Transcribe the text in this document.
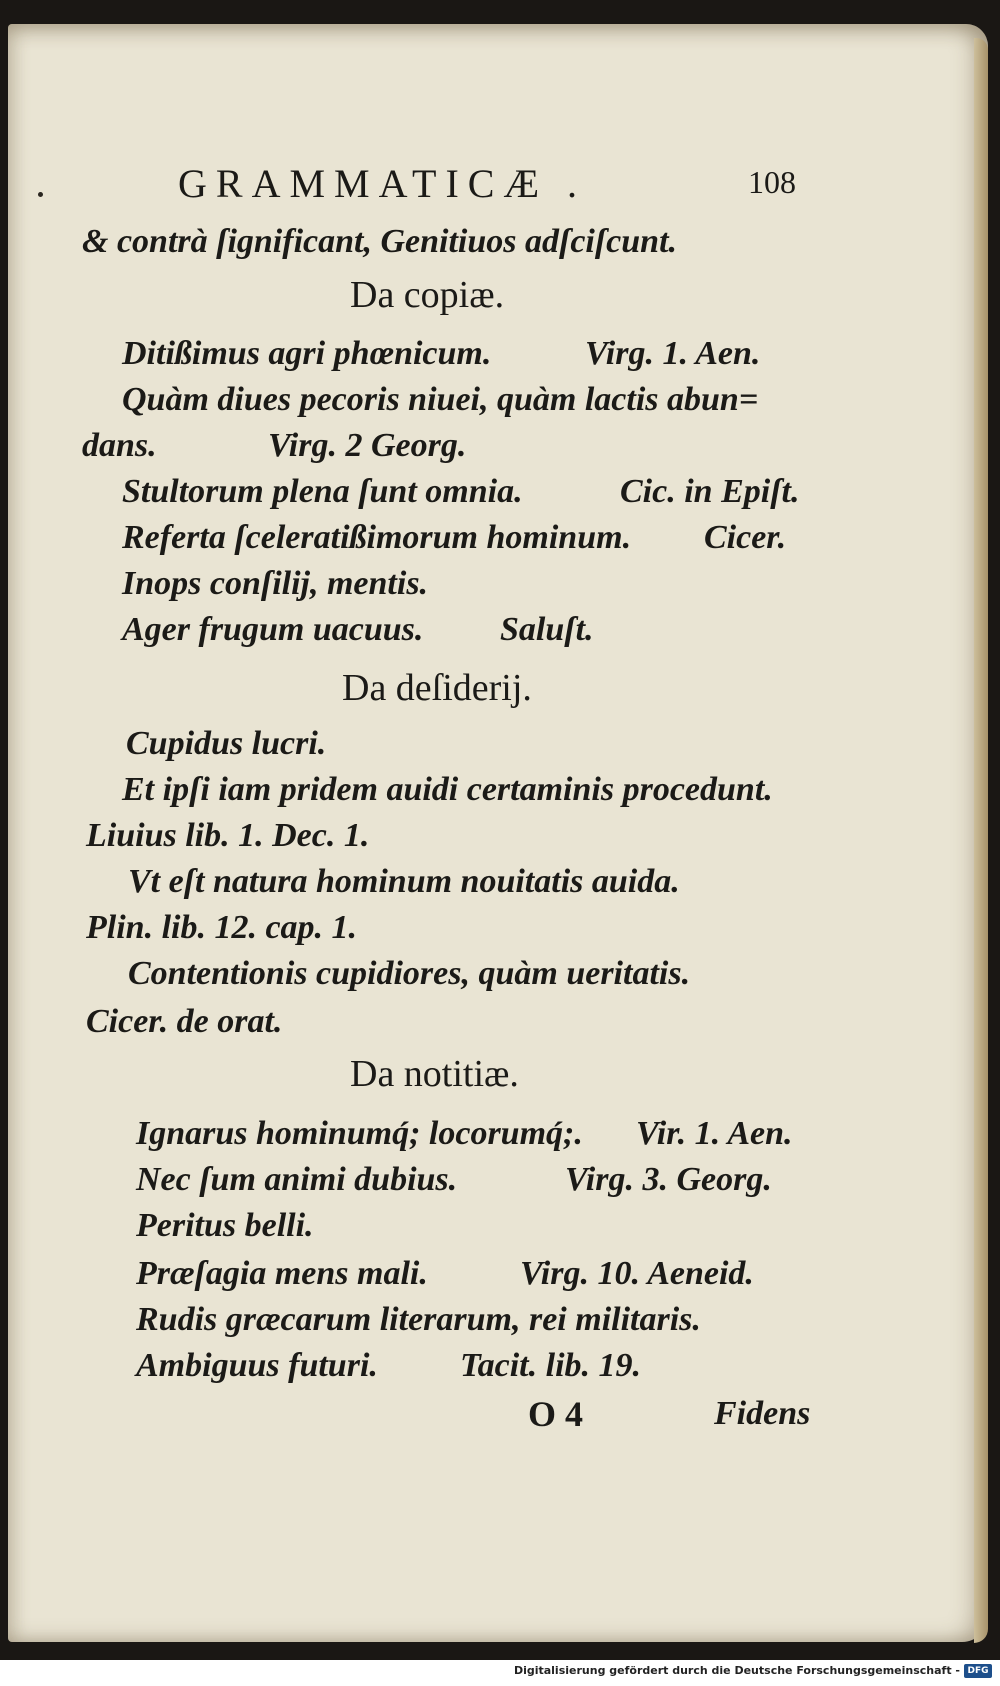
GRAMMATICÆ .	108
& contrà ſignificant, Genitiuos adſciſcunt.
Da copiæ.
Ditißimus agri phœnicum.	Virg. 1. Aen.
Quàm diues pecoris niuei, quàm lactis abun=
dans.	Virg. 2 Georg.
Stultorum plena ſunt omnia.	Cic. in Epiſt.
Referta ſceleratißimorum hominum. Cicer.
Inops conſilij, mentis.
Ager frugum uacuus. Saluſt.
Da deſiderij.
Cupidus lucri.
Et ipſi iam pridem auidi certaminis procedunt.
Liuius lib. 1. Dec. 1.
Vt eſt natura hominum nouitatis auida.
Plin. lib. 12. cap. 1.
Contentionis cupidiores, quàm ueritatis.
Cicer. de orat.
Da notitiæ.
Ignarus hominumq́; locorumq́;. Vir. 1. Aen.
Nec ſum animi dubius.	Virg. 3. Georg.
Peritus belli.
Præſagia mens mali.	Virg. 10. Aeneid.
Rudis græcarum literarum, rei militaris.
Ambiguus futuri. Tacit. lib. 19.
O 4	Fidens
Digitalisierung gefördert durch die Deutsche Forschungsgemeinschaft - DFG
